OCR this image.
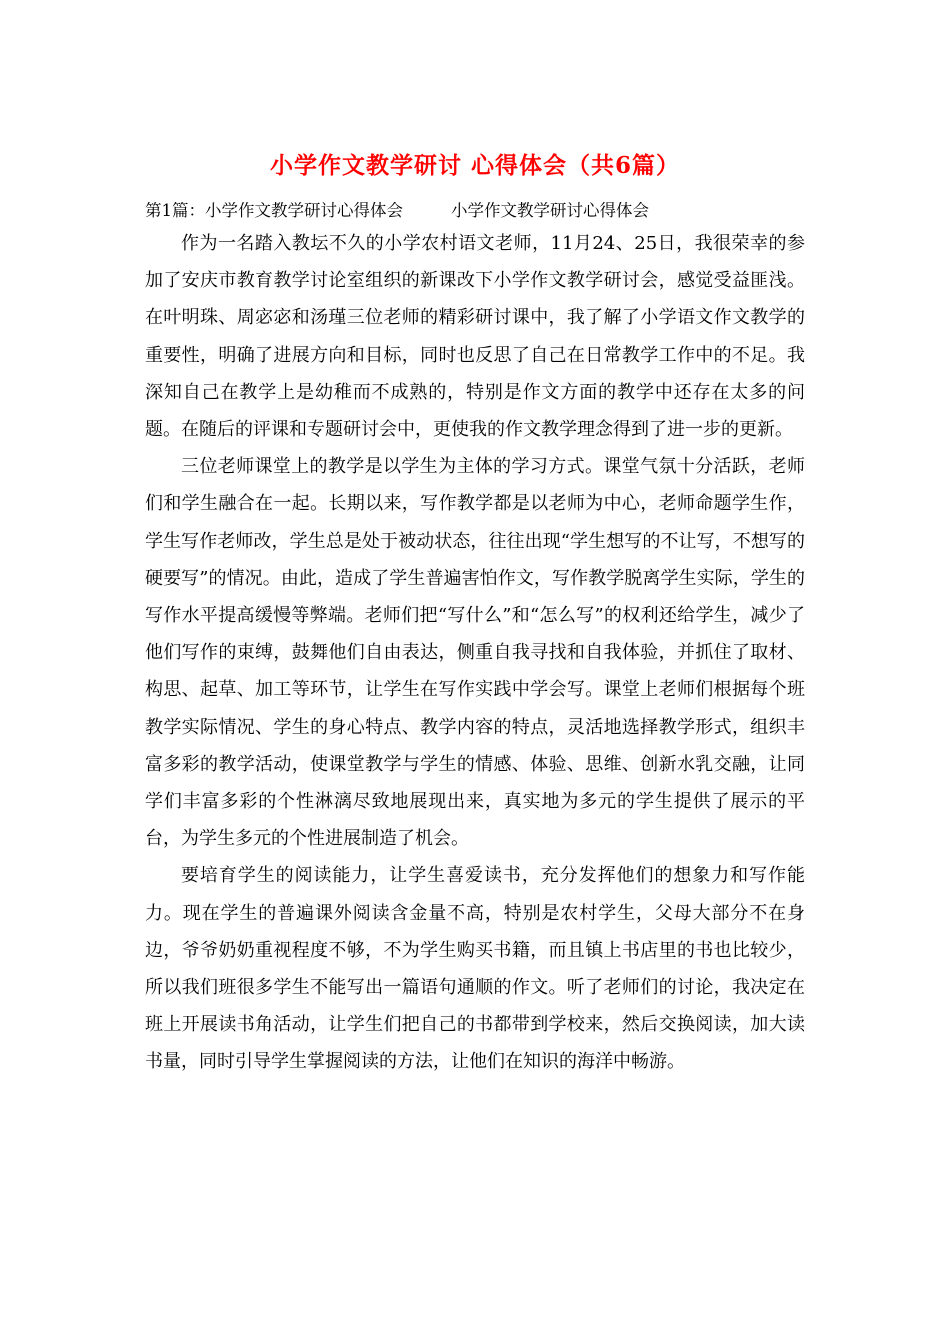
小学作文教学研讨 心得体会（共6篇）
第1篇：小学作文教学研讨心得体会	小学作文教学研讨心得体会

作为一名踏入教坛不久的小学农村语文老师，11月24、25日，我很荣幸的参加了安庆市教育教学讨论室组织的新课改下小学作文教学研讨会，感觉受益匪浅。在叶明珠、周宓宓和汤瑾三位老师的精彩研讨课中，我了解了小学语文作文教学的重要性，明确了进展方向和目标，同时也反思了自己在日常教学工作中的不足。我深知自己在教学上是幼稚而不成熟的，特别是作文方面的教学中还存在太多的问题。在随后的评课和专题研讨会中，更使我的作文教学理念得到了进一步的更新。

三位老师课堂上的教学是以学生为主体的学习方式。课堂气氛十分活跃，老师们和学生融合在一起。长期以来，写作教学都是以老师为中心，老师命题学生作，学生写作老师改，学生总是处于被动状态，往往出现“学生想写的不让写，不想写的硬要写”的情况。由此，造成了学生普遍害怕作文，写作教学脱离学生实际，学生的写作水平提高缓慢等弊端。老师们把“写什么”和“怎么写”的权利还给学生，减少了他们写作的束缚，鼓舞他们自由表达，侧重自我寻找和自我体验，并抓住了取材、构思、起草、加工等环节，让学生在写作实践中学会写。课堂上老师们根据每个班教学实际情况、学生的身心特点、教学内容的特点，灵活地选择教学形式，组织丰富多彩的教学活动，使课堂教学与学生的情感、体验、思维、创新水乳交融，让同学们丰富多彩的个性淋漓尽致地展现出来，真实地为多元的学生提供了展示的平台，为学生多元的个性进展制造了机会。

要培育学生的阅读能力，让学生喜爱读书，充分发挥他们的想象力和写作能力。现在学生的普遍课外阅读含金量不高，特别是农村学生，父母大部分不在身边，爷爷奶奶重视程度不够，不为学生购买书籍，而且镇上书店里的书也比较少，所以我们班很多学生不能写出一篇语句通顺的作文。听了老师们的讨论，我决定在班上开展读书角活动，让学生们把自己的书都带到学校来，然后交换阅读，加大读书量，同时引导学生掌握阅读的方法，让他们在知识的海洋中畅游。
